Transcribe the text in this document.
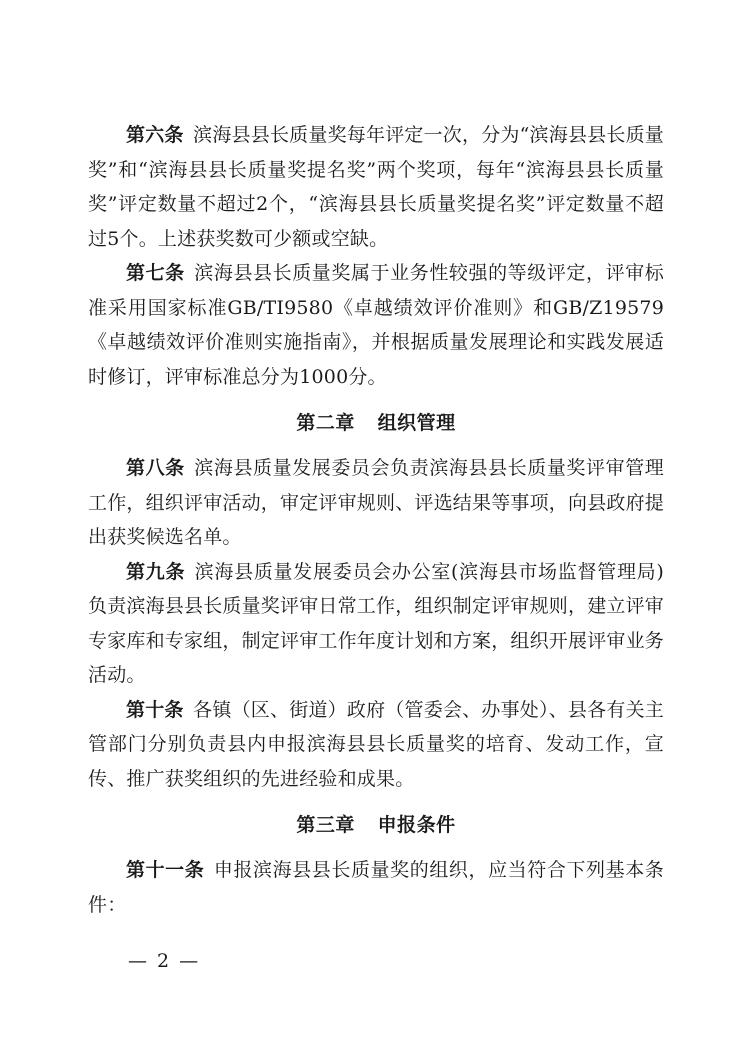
第六条 滨海县县长质量奖每年评定一次，分为“滨海县县长质量奖”和“滨海县县长质量奖提名奖”两个奖项，每年“滨海县县长质量奖”评定数量不超过2个，“滨海县县长质量奖提名奖”评定数量不超过5个。上述获奖数可少额或空缺。

第七条 滨海县县长质量奖属于业务性较强的等级评定，评审标准采用国家标准GB/TI9580《卓越绩效评价准则》和GB/Z19579《卓越绩效评价准则实施指南》，并根据质量发展理论和实践发展适时修订，评审标准总分为1000分。

第二章 组织管理

第八条 滨海县质量发展委员会负责滨海县县长质量奖评审管理工作，组织评审活动，审定评审规则、评选结果等事项，向县政府提出获奖候选名单。

第九条 滨海县质量发展委员会办公室(滨海县市场监督管理局)负责滨海县县长质量奖评审日常工作，组织制定评审规则，建立评审专家库和专家组，制定评审工作年度计划和方案，组织开展评审业务活动。

第十条 各镇（区、街道）政府（管委会、办事处）、县各有关主管部门分别负责县内申报滨海县县长质量奖的培育、发动工作，宣传、推广获奖组织的先进经验和成果。

第三章 申报条件

第十一条 申报滨海县县长质量奖的组织，应当符合下列基本条件：

— 2 —
